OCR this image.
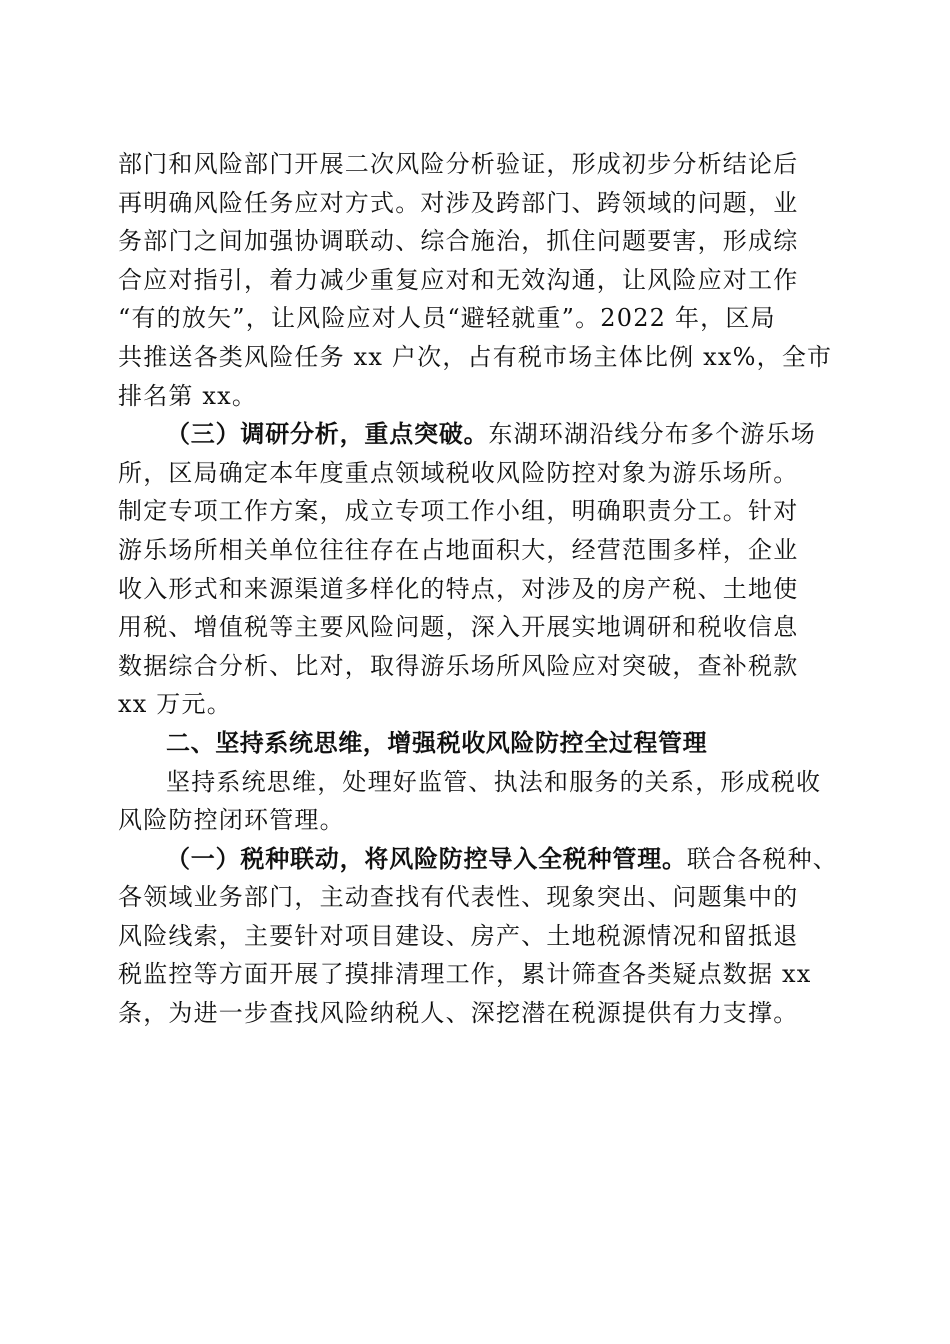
部门和风险部门开展二次风险分析验证，形成初步分析结论后
再明确风险任务应对方式。对涉及跨部门、跨领域的问题，业
务部门之间加强协调联动、综合施治，抓住问题要害，形成综
合应对指引，着力减少重复应对和无效沟通，让风险应对工作
“有的放矢”，让风险应对人员“避轻就重”。2022 年，区局
共推送各类风险任务 xx 户次，占有税市场主体比例 xx%，全市
排名第 xx。
（三）调研分析，重点突破。东湖环湖沿线分布多个游乐场
所，区局确定本年度重点领域税收风险防控对象为游乐场所。
制定专项工作方案，成立专项工作小组，明确职责分工。针对
游乐场所相关单位往往存在占地面积大，经营范围多样，企业
收入形式和来源渠道多样化的特点，对涉及的房产税、土地使
用税、增值税等主要风险问题，深入开展实地调研和税收信息
数据综合分析、比对，取得游乐场所风险应对突破，查补税款
xx 万元。
二、坚持系统思维，增强税收风险防控全过程管理
坚持系统思维，处理好监管、执法和服务的关系，形成税收
风险防控闭环管理。
（一）税种联动，将风险防控导入全税种管理。联合各税种、
各领域业务部门，主动查找有代表性、现象突出、问题集中的
风险线索，主要针对项目建设、房产、土地税源情况和留抵退
税监控等方面开展了摸排清理工作，累计筛查各类疑点数据 xx
条，为进一步查找风险纳税人、深挖潜在税源提供有力支撑。
